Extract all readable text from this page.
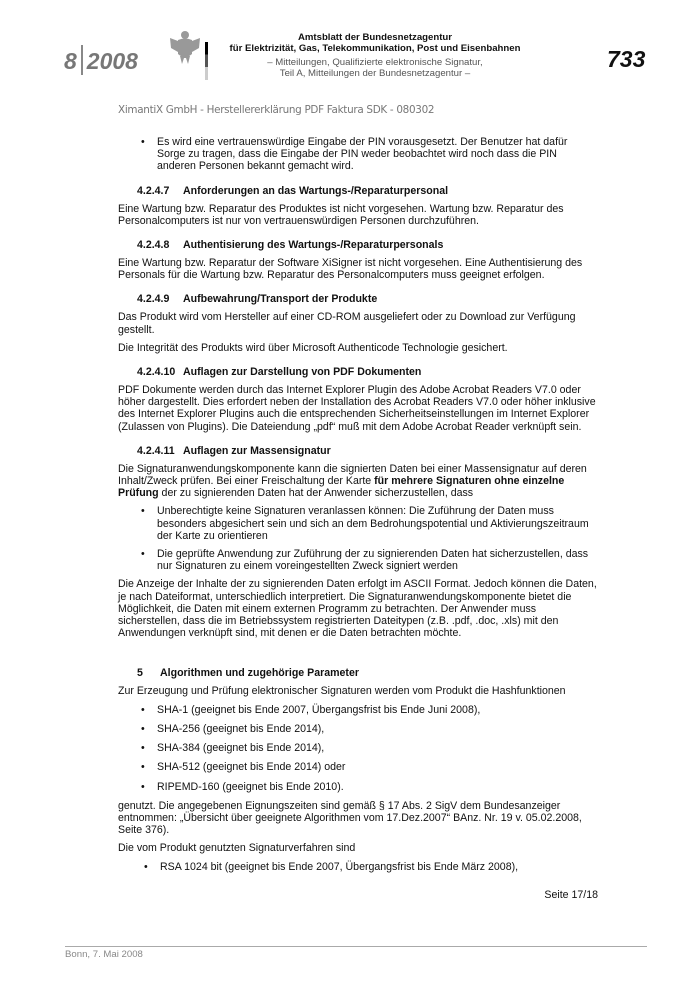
8 2008
Amtsblatt der Bundesnetzagentur
für Elektrizität, Gas, Telekommunikation, Post und Eisenbahnen
– Mitteilungen, Qualifizierte elektronische Signatur,
Teil A, Mitteilungen der Bundesnetzagentur –
733
XimantiX GmbH - Herstellererklärung PDF Faktura SDK - 080302
• Es wird eine vertrauenswürdige Eingabe der PIN vorausgesetzt. Der Benutzer hat dafür Sorge zu tragen, dass die Eingabe der PIN weder beobachtet wird noch dass die PIN anderen Personen bekannt gemacht wird.
4.2.4.7 Anforderungen an das Wartungs-/Reparaturpersonal
Eine Wartung bzw. Reparatur des Produktes ist nicht vorgesehen. Wartung bzw. Reparatur des Personalcomputers ist nur von vertrauenswürdigen Personen durchzuführen.
4.2.4.8 Authentisierung des Wartungs-/Reparaturpersonals
Eine Wartung bzw. Reparatur der Software XiSigner ist nicht vorgesehen. Eine Authentisierung des Personals für die Wartung bzw. Reparatur des Personalcomputers muss geeignet erfolgen.
4.2.4.9 Aufbewahrung/Transport der Produkte
Das Produkt wird vom Hersteller auf einer CD-ROM ausgeliefert oder zu Download zur Verfügung gestellt.
Die Integrität des Produkts wird über Microsoft Authenticode Technologie gesichert.
4.2.4.10 Auflagen zur Darstellung von PDF Dokumenten
PDF Dokumente werden durch das Internet Explorer Plugin des Adobe Acrobat Readers V7.0 oder höher dargestellt. Dies erfordert neben der Installation des Acrobat Readers V7.0 oder höher inklusive des Internet Explorer Plugins auch die entsprechenden Sicherheitseinstellungen im Internet Explorer (Zulassen von Plugins). Die Dateiendung „pdf“ muß mit dem Adobe Acrobat Reader verknüpft sein.
4.2.4.11 Auflagen zur Massensignatur
Die Signaturanwendungskomponente kann die signierten Daten bei einer Massensignatur auf deren Inhalt/Zweck prüfen. Bei einer Freischaltung der Karte für mehrere Signaturen ohne einzelne Prüfung der zu signierenden Daten hat der Anwender sicherzustellen, dass
• Unberechtigte keine Signaturen veranlassen können: Die Zuführung der Daten muss besonders abgesichert sein und sich an dem Bedrohungspotential und Aktivierungszeitraum der Karte zu orientieren
• Die geprüfte Anwendung zur Zuführung der zu signierenden Daten hat sicherzustellen, dass nur Signaturen zu einem voreingestellten Zweck signiert werden
Die Anzeige der Inhalte der zu signierenden Daten erfolgt im ASCII Format. Jedoch können die Daten, je nach Dateiformat, unterschiedlich interpretiert. Die Signaturanwendungskomponente bietet die Möglichkeit, die Daten mit einem externen Programm zu betrachten. Der Anwender muss sicherstellen, dass die im Betriebssystem registrierten Dateitypen (z.B. .pdf, .doc, .xls) mit den Anwendungen verknüpft sind, mit denen er die Daten betrachten möchte.
5 Algorithmen und zugehörige Parameter
Zur Erzeugung und Prüfung elektronischer Signaturen werden vom Produkt die Hashfunktionen
• SHA-1 (geeignet bis Ende 2007, Übergangsfrist bis Ende Juni 2008),
• SHA-256 (geeignet bis Ende 2014),
• SHA-384 (geeignet bis Ende 2014),
• SHA-512 (geeignet bis Ende 2014) oder
• RIPEMD-160 (geeignet bis Ende 2010).
genutzt. Die angegebenen Eignungszeiten sind gemäß § 17 Abs. 2 SigV dem Bundesanzeiger entnommen: „Übersicht über geeignete Algorithmen vom 17.Dez.2007“ BAnz. Nr. 19 v. 05.02.2008, Seite 376).
Die vom Produkt genutzten Signaturverfahren sind
• RSA 1024 bit (geeignet bis Ende 2007, Übergangsfrist bis Ende März 2008),
Seite 17/18
Bonn, 7. Mai 2008
